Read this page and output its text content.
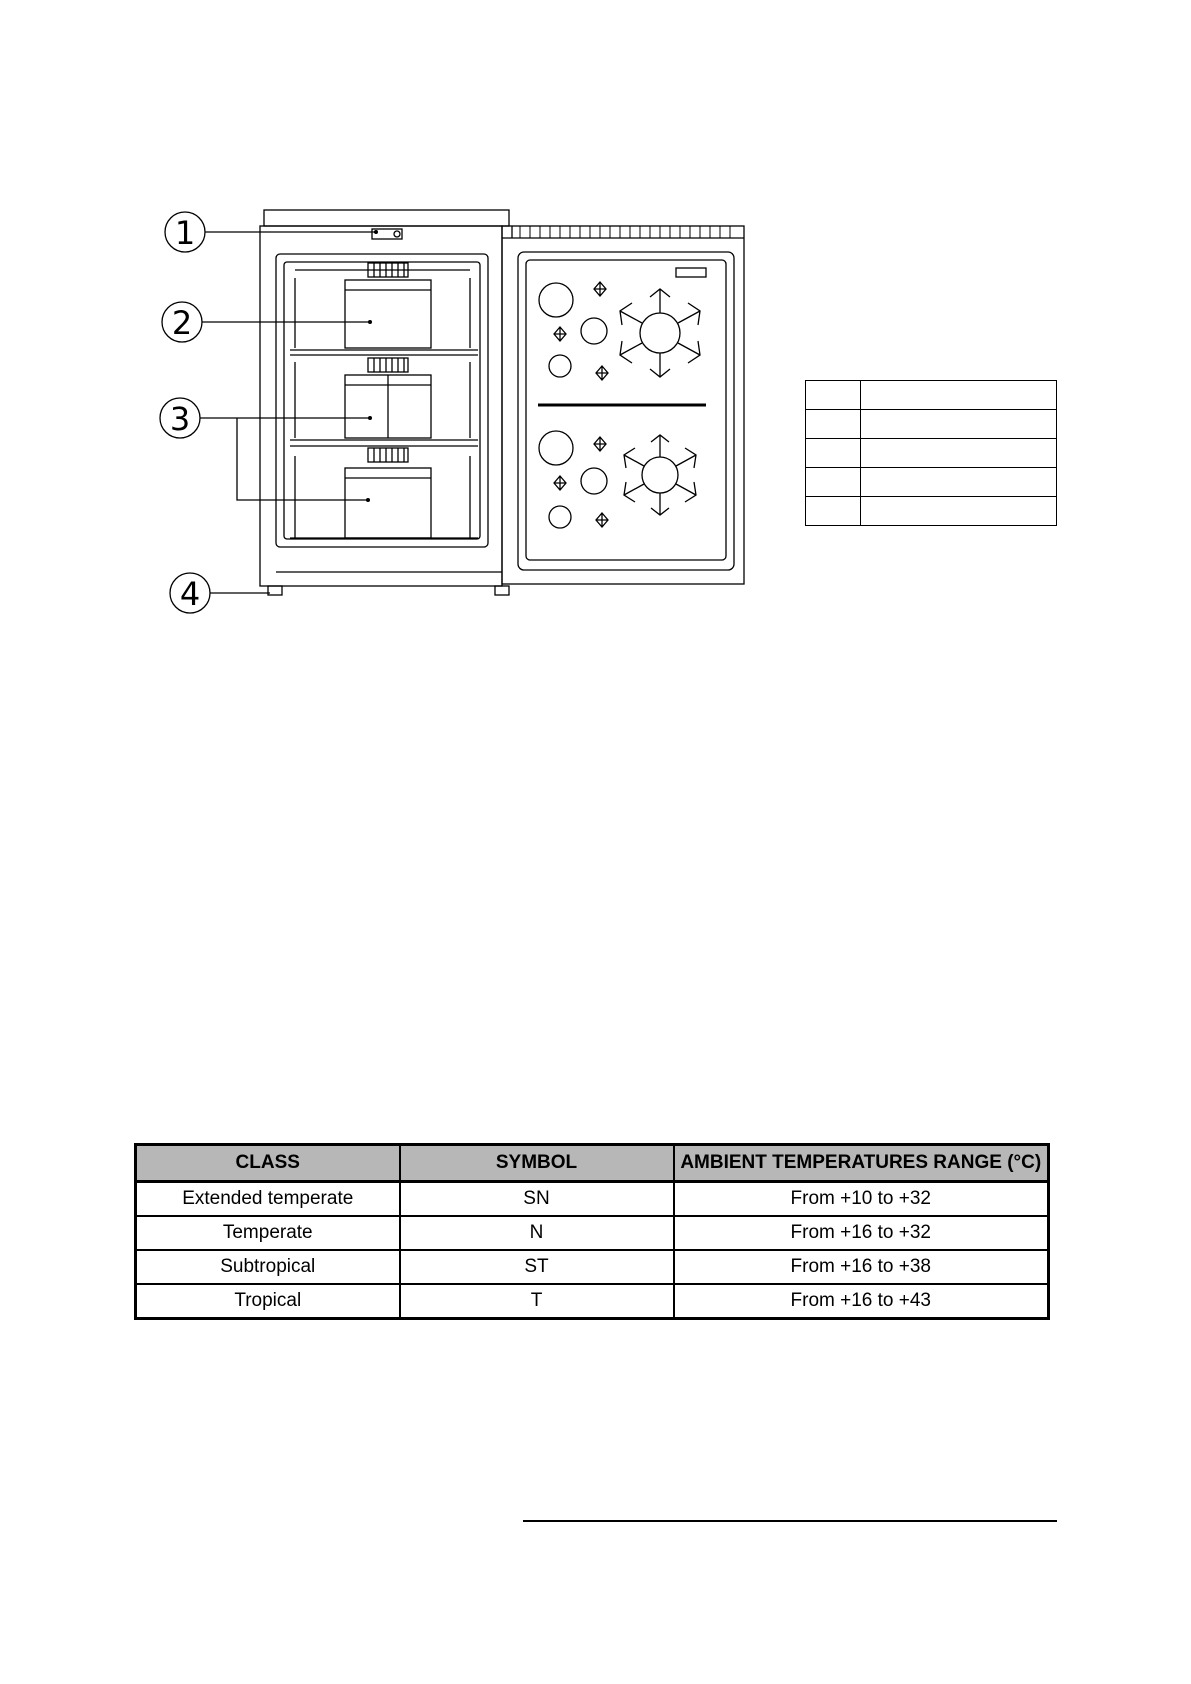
1
2
3
4

CLASS	SYMBOL	AMBIENT TEMPERATURES RANGE (°C)
Extended temperate	SN	From +10 to +32
Temperate	N	From +16 to +32
Subtropical	ST	From +16 to +38
Tropical	T	From +16 to +43
